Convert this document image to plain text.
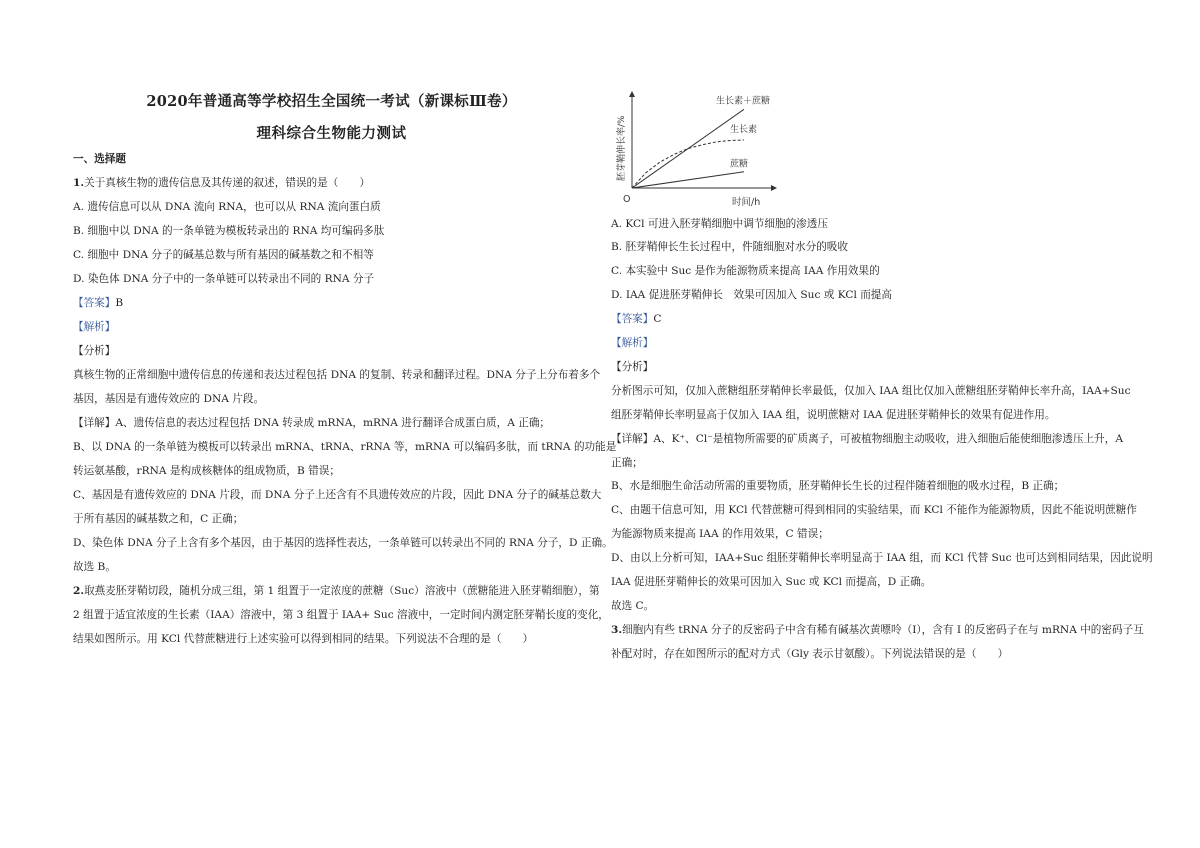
2020年普通高等学校招生全国统一考试（新课标Ⅲ卷）
理科综合生物能力测试
一、选择题
1.关于真核生物的遗传信息及其传递的叙述，错误的是（　　）
A. 遗传信息可以从 DNA 流向 RNA，也可以从 RNA 流向蛋白质
B. 细胞中以 DNA 的一条单链为模板转录出的 RNA 均可编码多肽
C. 细胞中 DNA 分子的碱基总数与所有基因的碱基数之和不相等
D. 染色体 DNA 分子中的一条单链可以转录出不同的 RNA 分子
【答案】B
【解析】
【分析】
真核生物的正常细胞中遗传信息的传递和表达过程包括 DNA 的复制、转录和翻译过程。DNA 分子上分布着多个
基因，基因是有遗传效应的 DNA 片段。
【详解】A、遗传信息的表达过程包括 DNA 转录成 mRNA，mRNA 进行翻译合成蛋白质，A 正确；
B、以 DNA 的一条单链为模板可以转录出 mRNA、tRNA、rRNA 等，mRNA 可以编码多肽，而 tRNA 的功能是
转运氨基酸，rRNA 是构成核糖体的组成物质，B 错误；
C、基因是有遗传效应的 DNA 片段，而 DNA 分子上还含有不具遗传效应的片段，因此 DNA 分子的碱基总数大
于所有基因的碱基数之和，C 正确；
D、染色体 DNA 分子上含有多个基因，由于基因的选择性表达，一条单链可以转录出不同的 RNA 分子，D 正确。
故选 B。
2.取燕麦胚芽鞘切段，随机分成三组，第 1 组置于一定浓度的蔗糖（Suc）溶液中（蔗糖能进入胚芽鞘细胞），第
2 组置于适宜浓度的生长素（IAA）溶液中，第 3 组置于 IAA+ Suc 溶液中，一定时间内测定胚芽鞘长度的变化，
结果如图所示。用 KCl 代替蔗糖进行上述实验可以得到相同的结果。下列说法不合理的是（　　）
胚芽鞘伸长率/%
时间/h
O
生长素＋蔗糖
生长素
蔗糖
A. KCl 可进入胚芽鞘细胞中调节细胞的渗透压
B. 胚芽鞘伸长生长过程中，件随细胞对水分的吸收
C. 本实验中 Suc 是作为能源物质来提高 IAA 作用效果的
D. IAA 促进胚芽鞘伸长　效果可因加入 Suc 或 KCl 而提高
【答案】C
【解析】
【分析】
分析图示可知，仅加入蔗糖组胚芽鞘伸长率最低，仅加入 IAA 组比仅加入蔗糖组胚芽鞘伸长率升高，IAA+Suc
组胚芽鞘伸长率明显高于仅加入 IAA 组，说明蔗糖对 IAA 促进胚芽鞘伸长的效果有促进作用。
【详解】A、K⁺、Cl⁻是植物所需要的矿质离子，可被植物细胞主动吸收，进入细胞后能使细胞渗透压上升，A
正确；
B、水是细胞生命活动所需的重要物质，胚芽鞘伸长生长的过程伴随着细胞的吸水过程，B 正确；
C、由题干信息可知，用 KCl 代替蔗糖可得到相同的实验结果，而 KCl 不能作为能源物质，因此不能说明蔗糖作
为能源物质来提高 IAA 的作用效果，C 错误；
D、由以上分析可知，IAA+Suc 组胚芽鞘伸长率明显高于 IAA 组，而 KCl 代替 Suc 也可达到相同结果，因此说明
IAA 促进胚芽鞘伸长的效果可因加入 Suc 或 KCl 而提高，D 正确。
故选 C。
3.细胞内有些 tRNA 分子的反密码子中含有稀有碱基次黄嘌呤（I），含有 I 的反密码子在与 mRNA 中的密码子互
补配对时，存在如图所示的配对方式（Gly 表示甘氨酸）。下列说法错误的是（　　）
